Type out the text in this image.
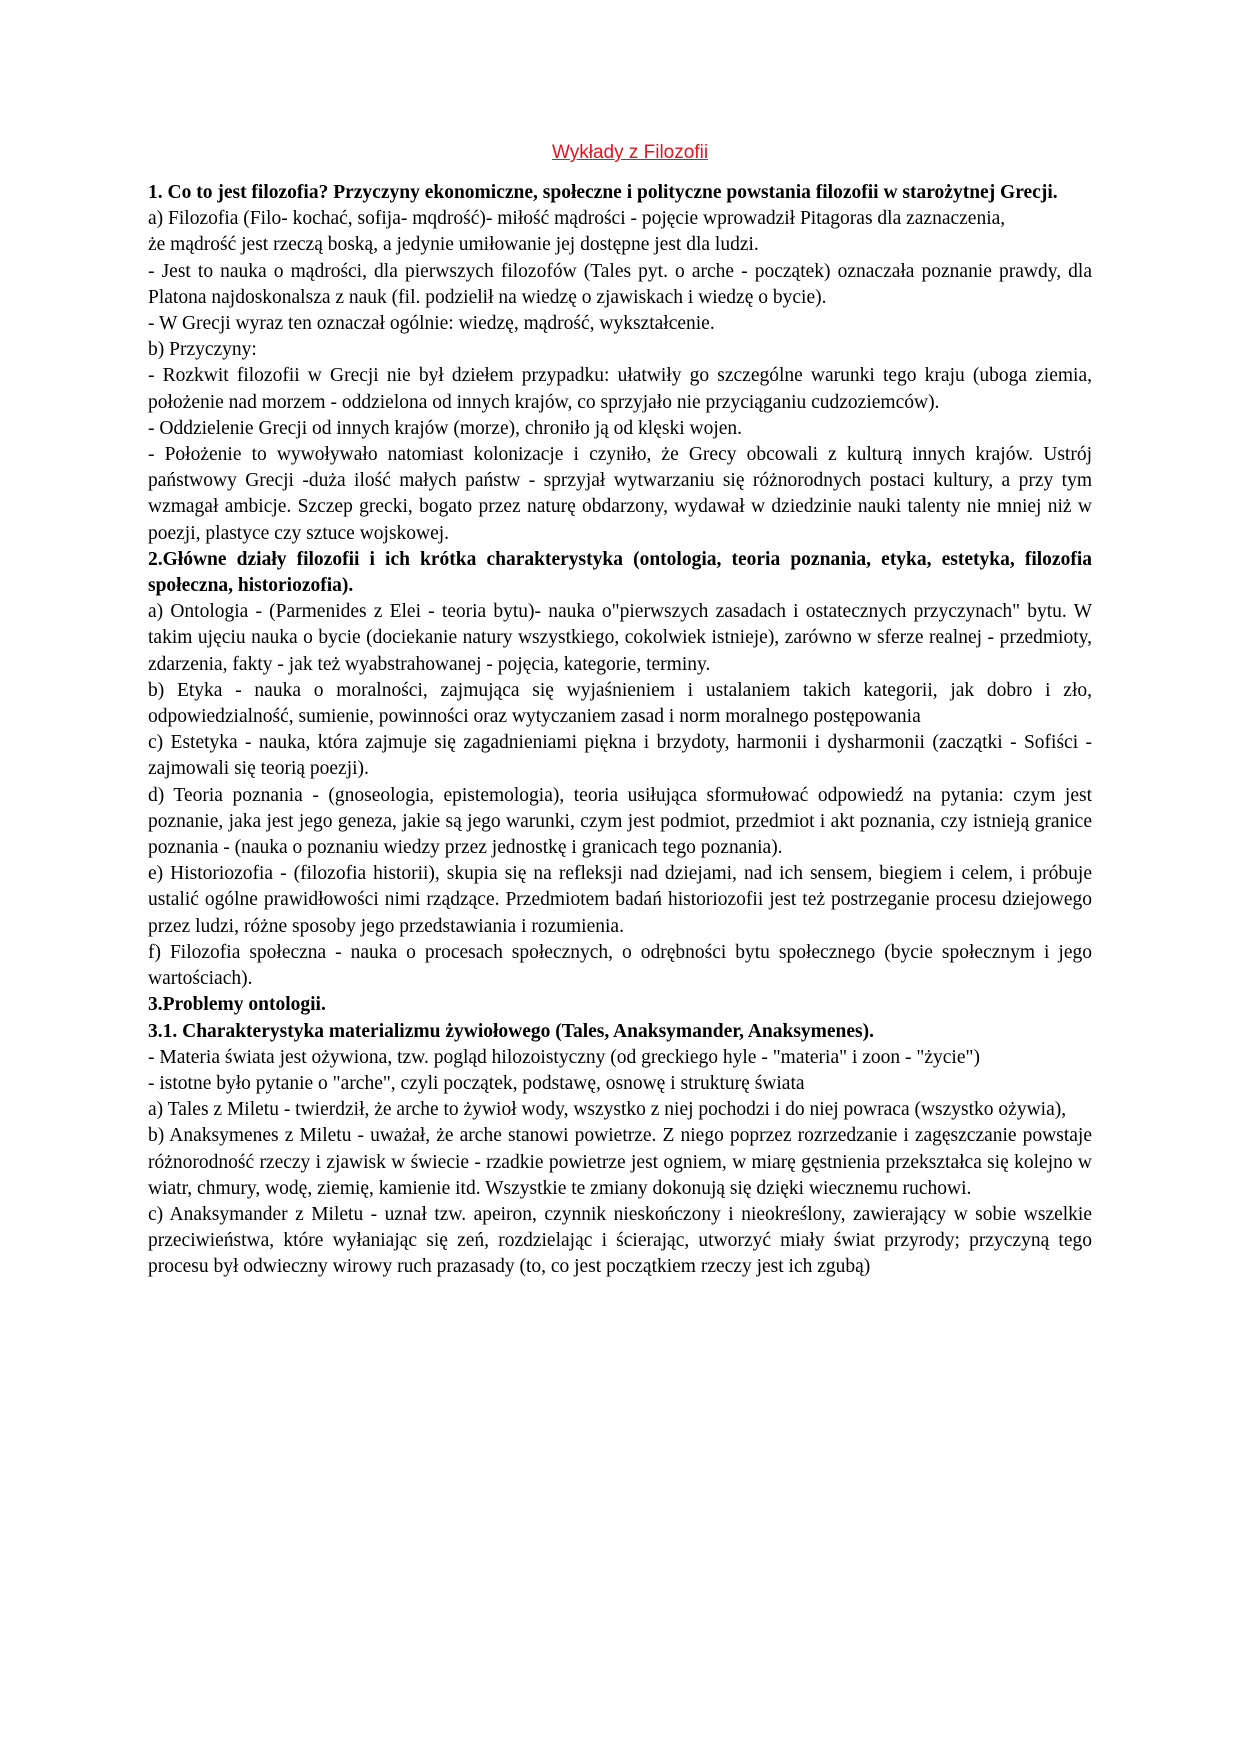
Wykłady z Filozofii

1. Co to jest filozofia? Przyczyny ekonomiczne, społeczne i polityczne powstania filozofii w starożytnej Grecji.

a) Filozofia (Filo- kochać, sofija- mqdrość)- miłość mądrości - pojęcie wprowadził Pitagoras dla zaznaczenia,

że mądrość jest rzeczą boską, a jedynie umiłowanie jej dostępne jest dla ludzi.

- Jest to nauka o mądrości, dla pierwszych filozofów (Tales pyt. o arche - początek) oznaczała poznanie prawdy, dla Platona najdoskonalsza z nauk (fil. podzielił na wiedzę o zjawiskach i wiedzę o bycie).

- W Grecji wyraz ten oznaczał ogólnie: wiedzę, mądrość, wykształcenie.

b) Przyczyny:

- Rozkwit filozofii w Grecji nie był dziełem przypadku: ułatwiły go szczególne warunki tego kraju (uboga ziemia, położenie nad morzem - oddzielona od innych krajów, co sprzyjało nie przyciąganiu cudzoziemców).

- Oddzielenie Grecji od innych krajów (morze), chroniło ją od klęski wojen.

- Położenie to wywoływało natomiast kolonizacje i czyniło, że Grecy obcowali z kulturą innych krajów. Ustrój państwowy Grecji -duża ilość małych państw - sprzyjał wytwarzaniu się różnorodnych postaci kultury, a przy tym wzmagał ambicje. Szczep grecki, bogato przez naturę obdarzony, wydawał w dziedzinie nauki talenty nie mniej niż w poezji, plastyce czy sztuce wojskowej.

2.Główne działy filozofii i ich krótka charakterystyka (ontologia, teoria poznania, etyka, estetyka, filozofia społeczna, historiozofia).

a) Ontologia - (Parmenides z Elei - teoria bytu)- nauka o"pierwszych zasadach i ostatecznych przyczynach" bytu. W takim ujęciu nauka o bycie (dociekanie natury wszystkiego, cokolwiek istnieje), zarówno w sferze realnej - przedmioty, zdarzenia, fakty - jak też wyabstrahowanej - pojęcia, kategorie, terminy.

b) Etyka - nauka o moralności, zajmująca się wyjaśnieniem i ustalaniem takich kategorii, jak dobro i zło, odpowiedzialność, sumienie, powinności oraz wytyczaniem zasad i norm moralnego postępowania

c) Estetyka - nauka, która zajmuje się zagadnieniami piękna i brzydoty, harmonii i dysharmonii (zaczątki - Sofiści - zajmowali się teorią poezji).

d) Teoria poznania - (gnoseologia, epistemologia), teoria usiłująca sformułować odpowiedź na pytania: czym jest poznanie, jaka jest jego geneza, jakie są jego warunki, czym jest podmiot, przedmiot i akt poznania, czy istnieją granice poznania - (nauka o poznaniu wiedzy przez jednostkę i granicach tego poznania).

e) Historiozofia - (filozofia historii), skupia się na refleksji nad dziejami, nad ich sensem, biegiem i celem, i próbuje ustalić ogólne prawidłowości nimi rządzące. Przedmiotem badań historiozofii jest też postrzeganie procesu dziejowego przez ludzi, różne sposoby jego przedstawiania i rozumienia.

f) Filozofia społeczna - nauka o procesach społecznych, o odrębności bytu społecznego (bycie społecznym i jego wartościach).

3.Problemy ontologii.

3.1. Charakterystyka materializmu żywiołowego (Tales, Anaksymander, Anaksymenes).

- Materia świata jest ożywiona, tzw. pogląd hilozoistyczny (od greckiego hyle - "materia" i zoon - "życie")

- istotne było pytanie o "arche", czyli początek, podstawę, osnowę i strukturę świata

a) Tales z Miletu - twierdził, że arche to żywioł wody, wszystko z niej pochodzi i do niej powraca (wszystko ożywia),

b) Anaksymenes z Miletu - uważał, że arche stanowi powietrze. Z niego poprzez rozrzedzanie i zagęszczanie powstaje różnorodność rzeczy i zjawisk w świecie - rzadkie powietrze jest ogniem, w miarę gęstnienia przekształca się kolejno w wiatr, chmury, wodę, ziemię, kamienie itd. Wszystkie te zmiany dokonują się dzięki wiecznemu ruchowi.

c) Anaksymander z Miletu - uznał tzw. apeiron, czynnik nieskończony i nieokreślony, zawierający w sobie wszelkie przeciwieństwa, które wyłaniając się zeń, rozdzielając i ścierając, utworzyć miały świat przyrody; przyczyną tego procesu był odwieczny wirowy ruch prazasady (to, co jest początkiem rzeczy jest ich zgubą)
